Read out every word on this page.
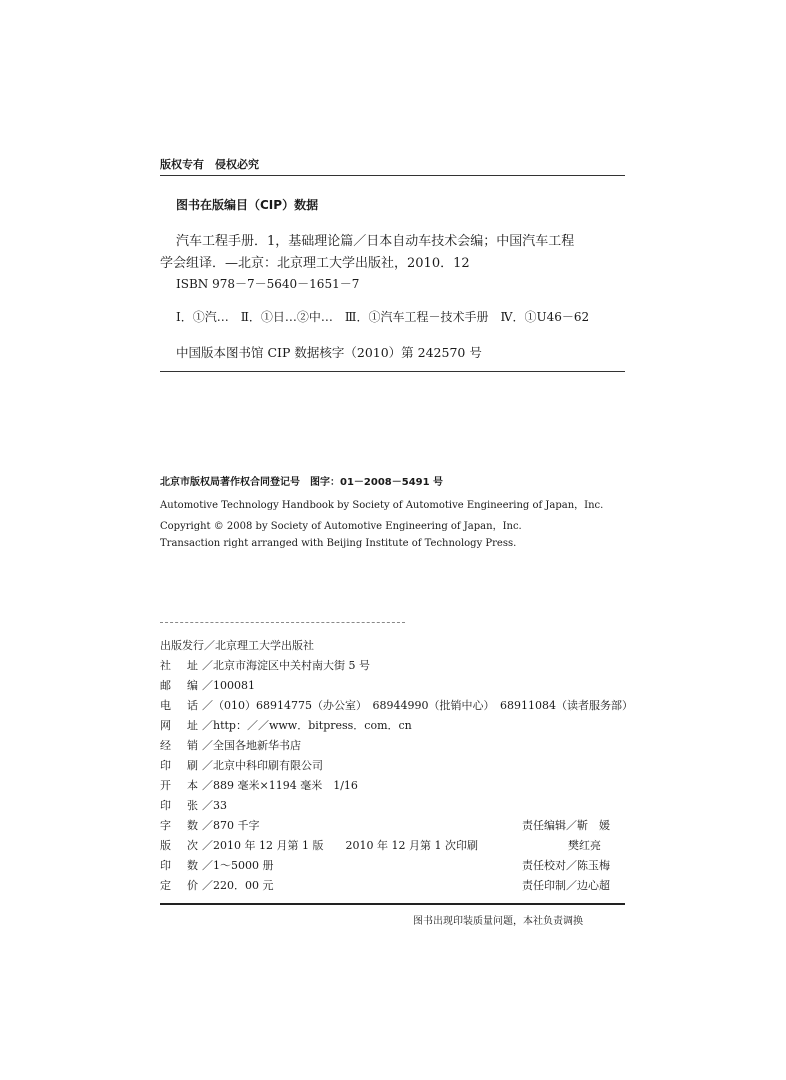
版权专有　侵权必究
图书在版编目（CIP）数据
汽车工程手册．1，基础理论篇／日本自动车技术会编；中国汽车工程
学会组译．—北京：北京理工大学出版社，2010．12
ISBN 978－7－5640－1651－7
Ⅰ．①汽…　Ⅱ．①日…②中…　Ⅲ．①汽车工程－技术手册　Ⅳ．①U46－62
中国版本图书馆 CIP 数据核字（2010）第 242570 号
北京市版权局著作权合同登记号　图字：01－2008－5491 号
Automotive Technology Handbook by Society of Automotive Engineering of Japan，Inc.
Copyright © 2008 by Society of Automotive Engineering of Japan，Inc.
Transaction right arranged with Beijing Institute of Technology Press.
出版发行／北京理工大学出版社
社 址 ／北京市海淀区中关村南大街 5 号
邮 编 ／100081
电 话 ／（010）68914775（办公室）　68944990（批销中心）　68911084（读者服务部）
网 址 ／http：／／www．bitpress．com．cn
经 销 ／全国各地新华书店
印 刷 ／北京中科印刷有限公司
开 本 ／889 毫米×1194 毫米　1/16
印 张 ／33
字 数 ／870 千字	责任编辑／靳　媛
版 次 ／2010 年 12 月第 1 版　　2010 年 12 月第 1 次印刷	樊红亮
印 数 ／1～5000 册	责任校对／陈玉梅
定 价 ／220．00 元	责任印制／边心超
图书出现印装质量问题，本社负责调换
